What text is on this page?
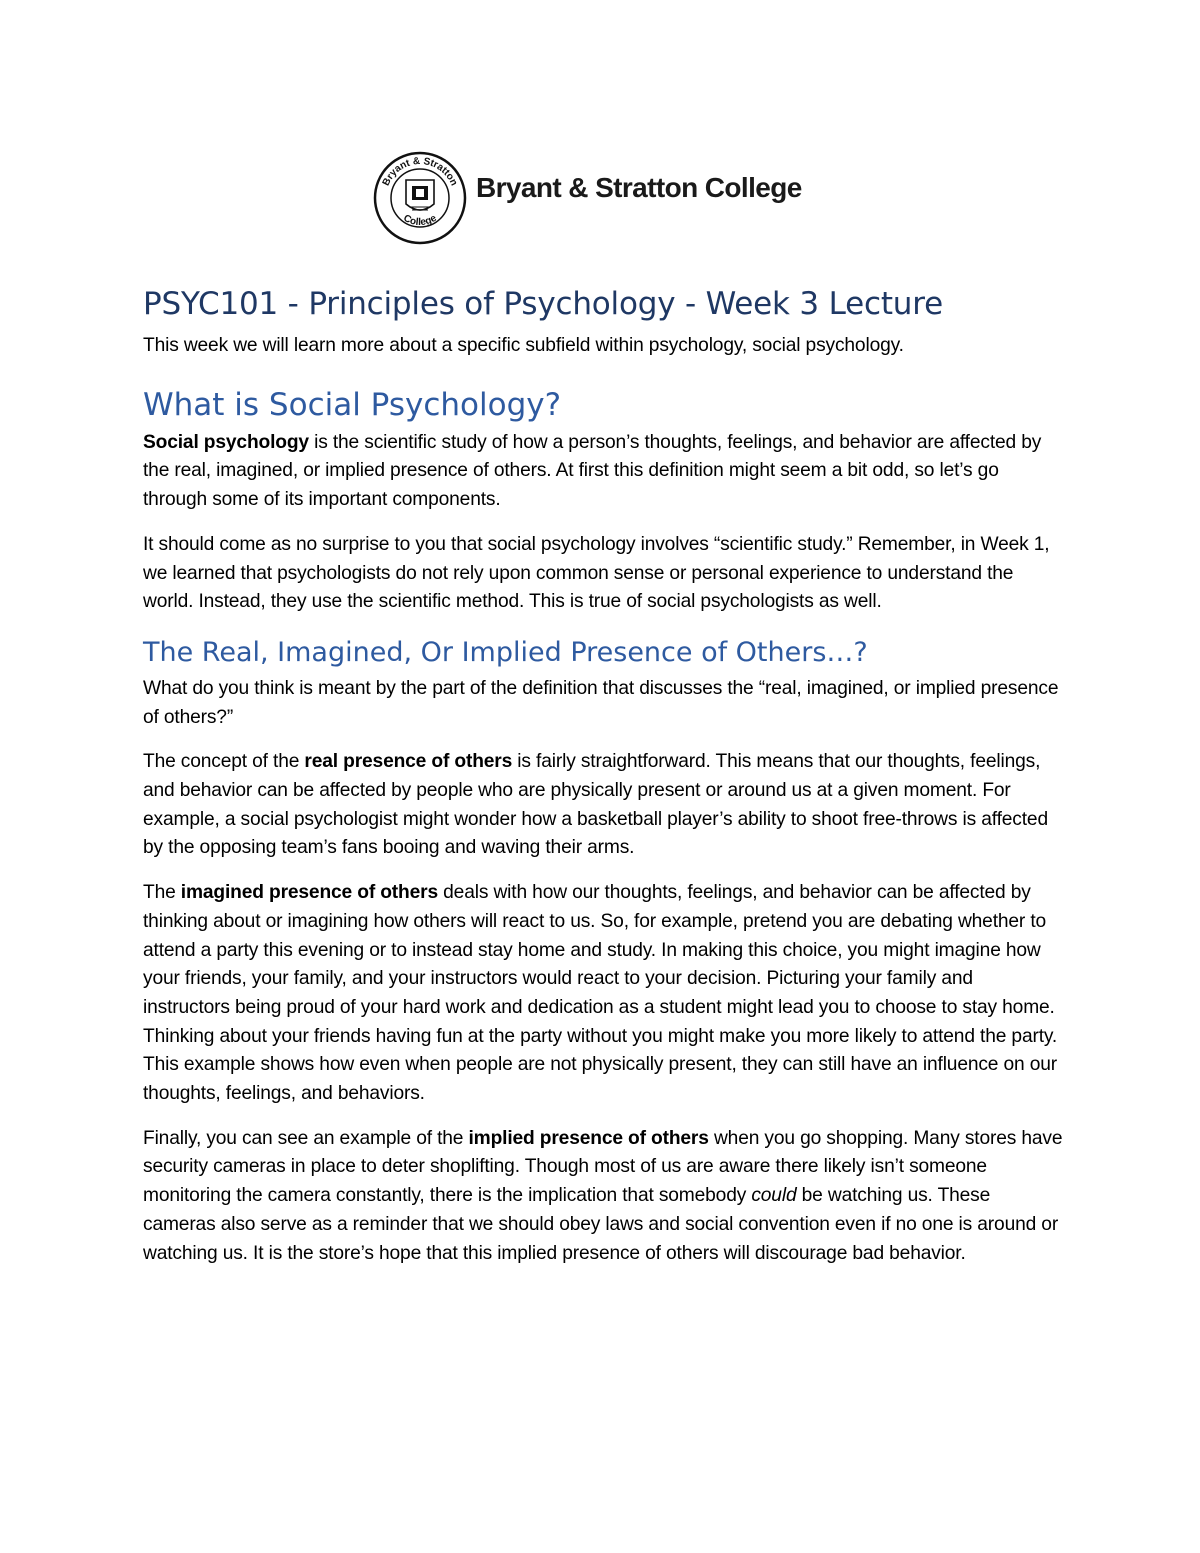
Bryant & Stratton
College
Bryant & Stratton College
PSYC101 - Principles of Psychology - Week 3 Lecture

This week we will learn more about a specific subfield within psychology, social psychology.

What is Social Psychology?

Social psychology is the scientific study of how a person’s thoughts, feelings, and behavior are affected by the real, imagined, or implied presence of others. At first this definition might seem a bit odd, so let’s go through some of its important components.

It should come as no surprise to you that social psychology involves “scientific study.” Remember, in Week 1, we learned that psychologists do not rely upon common sense or personal experience to understand the world. Instead, they use the scientific method. This is true of social psychologists as well.

The Real, Imagined, Or Implied Presence of Others…?

What do you think is meant by the part of the definition that discusses the “real, imagined, or implied presence of others?”

The concept of the real presence of others is fairly straightforward. This means that our thoughts, feelings, and behavior can be affected by people who are physically present or around us at a given moment. For example, a social psychologist might wonder how a basketball player’s ability to shoot free-throws is affected by the opposing team’s fans booing and waving their arms.

The imagined presence of others deals with how our thoughts, feelings, and behavior can be affected by thinking about or imagining how others will react to us. So, for example, pretend you are debating whether to attend a party this evening or to instead stay home and study. In making this choice, you might imagine how your friends, your family, and your instructors would react to your decision. Picturing your family and instructors being proud of your hard work and dedication as a student might lead you to choose to stay home. Thinking about your friends having fun at the party without you might make you more likely to attend the party. This example shows how even when people are not physically present, they can still have an influence on our thoughts, feelings, and behaviors.

Finally, you can see an example of the implied presence of others when you go shopping. Many stores have security cameras in place to deter shoplifting. Though most of us are aware there likely isn’t someone monitoring the camera constantly, there is the implication that somebody could be watching us. These cameras also serve as a reminder that we should obey laws and social convention even if no one is around or watching us. It is the store’s hope that this implied presence of others will discourage bad behavior.
